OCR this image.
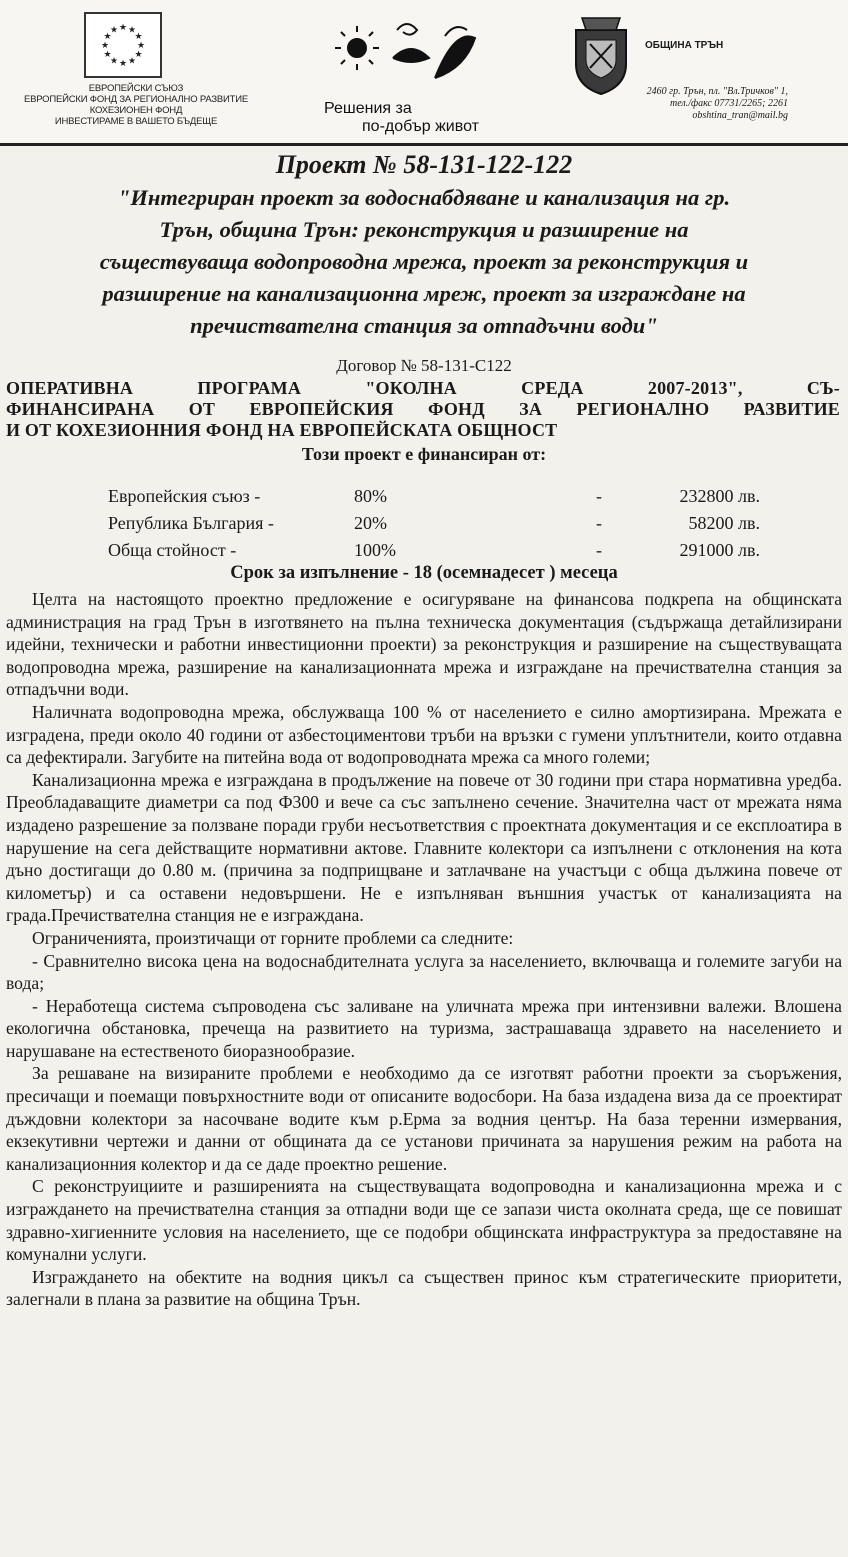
★ ★
★
★
★
★
★
★
★
★
★
★
ЕВРОПЕЙСКИ СЪЮЗ
ЕВРОПЕЙСКИ ФОНД ЗА РЕГИОНАЛНО РАЗВИТИЕ
КОХЕЗИОНЕН ФОНД
ИНВЕСТИРАМЕ В ВАШЕТО БЪДЕЩЕ
Решения за
по-добър живот
ОБЩИНА ТРЪН
2460 гр. Трън, пл. "Вл.Тричков" 1,
тел./факс 07731/2265; 2261
obshtina_tran@mail.bg
Проект № 58-131-122-122
"Интегриран проект за водоснабдяване и канализация на гр.
Трън, община Трън: реконструкция и разширение на
съществуваща водопроводна мрежа, проект за реконструкция и
разширение на канализационна мреж, проект за изграждане на
пречиствателна станция за отпадъчни води"
Договор № 58-131-С122
ОПЕРАТИВНА ПРОГРАМА "ОКОЛНА СРЕДА 2007-2013", СЪ-
ФИНАНСИРАНА ОТ ЕВРОПЕЙСКИЯ ФОНД ЗА РЕГИОНАЛНО РАЗВИТИЕ
И ОТ КОХЕЗИОННИЯ ФОНД НА ЕВРОПЕЙСКАТА ОБЩНОСТ
Този проект е финансиран от:
Европейския съюз -	80%	-	232800 лв.
Република България -	20%	-	58200 лв.
Обща стойност -	100%	-	291000 лв.
Срок за изпълнение - 18 (осемнадесет ) месеца

Целта на настоящото проектно предложение е осигуряване на финансова подкрепа на общинската администрация на град Трън в изготвянето на пълна техническа документация (съдържаща детайлизирани идейни, технически и работни инвестиционни проекти) за реконструкция и разширение на съществуващата водопроводна мрежа, разширение на канализационната мрежа и изграждане на пречиствателна станция за отпадъчни води.

Наличната водопроводна мрежа, обслужваща 100 % от населението е силно амортизирана. Мрежата е изградена, преди около 40 години от азбестоциментови тръби на връзки с гумени уплътнители, които отдавна са дефектирали. Загубите на питейна вода от водопроводната мрежа са много големи;

Канализационна мрежа е изграждана в продължение на повече от 30 години при стара нормативна уредба. Преобладаващите диаметри са под Ф300 и вече са със запълнено сечение. Значителна част от мрежата няма издадено разрешение за ползване поради груби несъответствия с проектната документация и се експлоатира в нарушение на сега действащите нормативни актове. Главните колектори са изпълнени с отклонения на кота дъно достигащи до 0.80 м. (причина за подприщване и затлачване на участъци с обща дължина повече от километър) и са оставени недовършени. Не е изпълняван външния участък от канализацията на града.Пречиствателна станция не е изграждана.

Ограниченията, произтичащи от горните проблеми са следните:

- Сравнително висока цена на водоснабдителната услуга за населението, включваща и големите загуби на вода;

- Неработеща система съпроводена със заливане на уличната мрежа при интензивни валежи. Влошена екологична обстановка, пречеща на развитието на туризма, застрашаваща здравето на населението и нарушаване на естественото биоразнообразие.

За решаване на визираните проблеми е необходимо да се изготвят работни проекти за съоръжения, пресичащи и поемащи повърхностните води от описаните водосбори. На база издадена виза да се проектират дъждовни колектори за насочване водите към р.Ерма за водния център. На база теренни измервания, екзекутивни чертежи и данни от общината да се установи причината за нарушения режим на работа на канализационния колектор и да се даде проектно решение.

С реконструициите и разширенията на съществуващата водопроводна и канализационна мрежа и с изграждането на пречиствателна станция за отпадни води ще се запази чиста околната среда, ще се повишат здравно-хигиенните условия на населението, ще се подобри общинската инфраструктура за предоставяне на комунални услуги.

Изграждането на обектите на водния цикъл са съществен принос към стратегическите приоритети, залегнали в плана за развитие на община Трън.
